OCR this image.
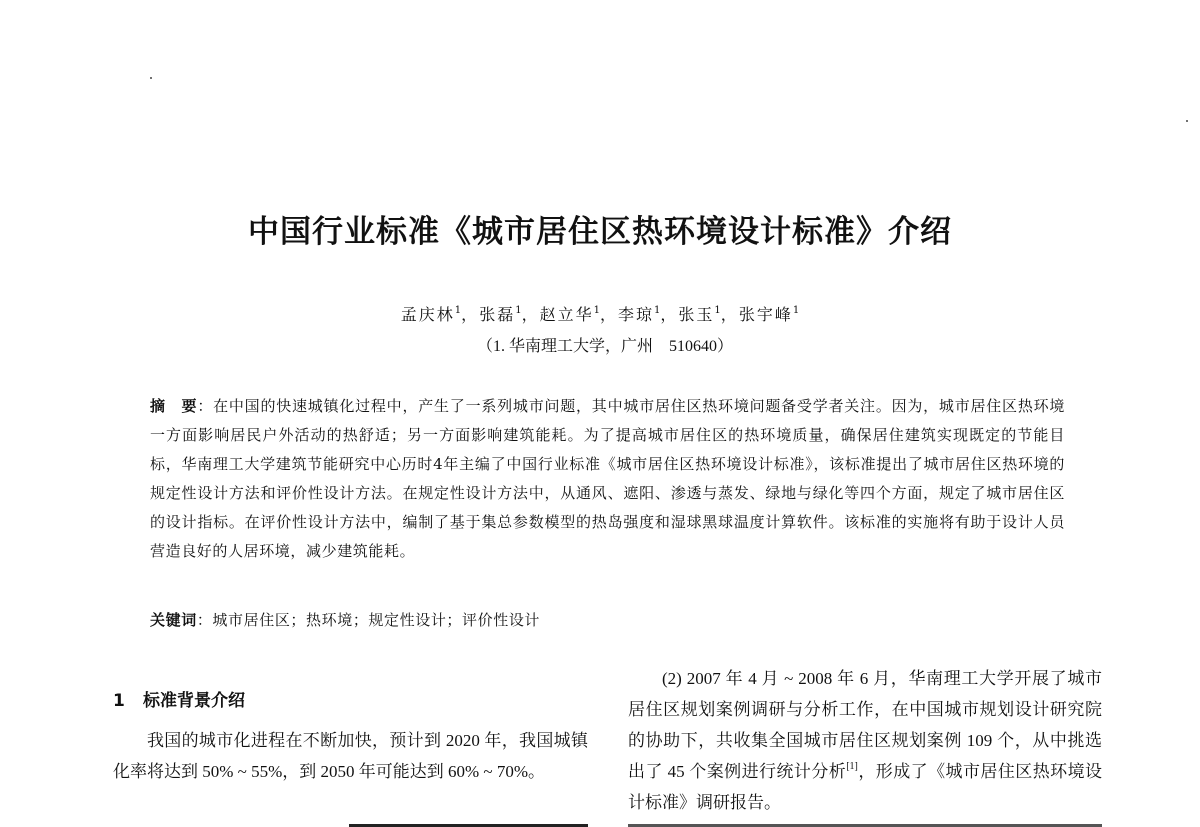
中国行业标准《城市居住区热环境设计标准》介绍
孟庆林$^1$，张磊$^1$，赵立华$^1$，李琼$^1$，张玉$^1$，张宇峰$^1$
（1. 华南理工大学，广州　510640）
摘　要：在中国的快速城镇化过程中，产生了一系列城市问题，其中城市居住区热环境问题备受学者关注。因为，城市居住区热环境一方面影响居民户外活动的热舒适；另一方面影响建筑能耗。为了提高城市居住区的热环境质量，确保居住建筑实现既定的节能目标，华南理工大学建筑节能研究中心历时4年主编了中国行业标准《城市居住区热环境设计标准》，该标准提出了城市居住区热环境的规定性设计方法和评价性设计方法。在规定性设计方法中，从通风、遮阳、渗透与蒸发、绿地与绿化等四个方面，规定了城市居住区的设计指标。在评价性设计方法中，编制了基于集总参数模型的热岛强度和湿球黑球温度计算软件。该标准的实施将有助于设计人员营造良好的人居环境，减少建筑能耗。
关键词：城市居住区；热环境；规定性设计；评价性设计
1 标准背景介绍

我国的城市化进程在不断加快，预计到 2020 年，我国城镇化率将达到 50% ~ 55%，到 2050 年可能达到 60% ~ 70%。

(2) 2007 年 4 月 ~ 2008 年 6 月，华南理工大学开展了城市居住区规划案例调研与分析工作，在中国城市规划设计研究院的协助下，共收集全国城市居住区规划案例 109 个，从中挑选出了 45 个案例进行统计分析[1]，形成了《城市居住区热环境设计标准》调研报告。
